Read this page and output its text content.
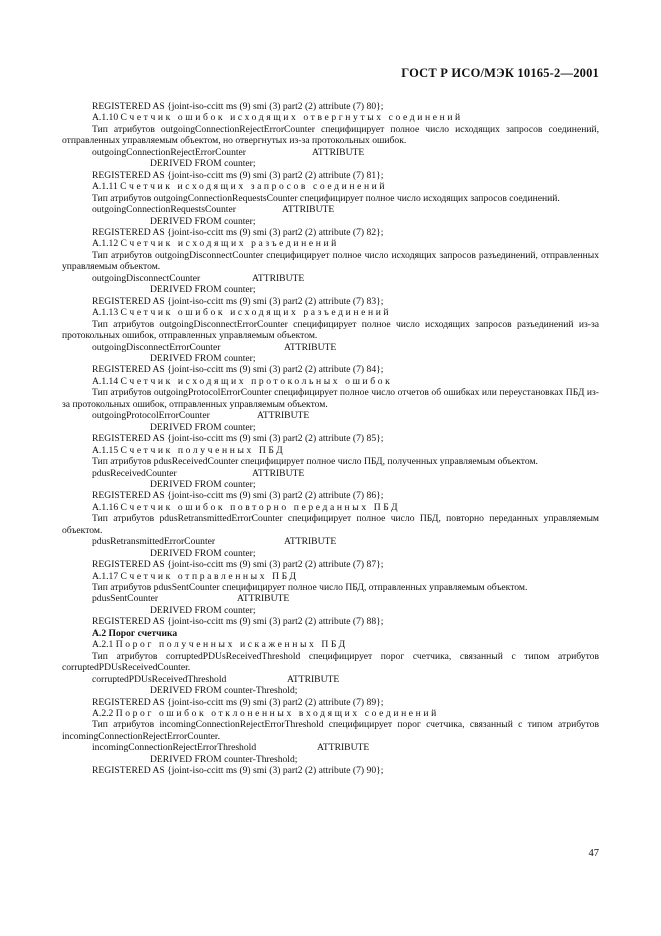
ГОСТ Р ИСО/МЭК 10165-2—2001
REGISTERED AS {joint-iso-ccitt ms (9) smi (3) part2 (2) attribute (7) 80};
А.1.10 Счетчик ошибок исходящих отвергнутых соединений
Тип атрибутов outgoingConnectionRejectErrorCounter специфицирует полное число исходящих запросов соединений, отправленных управляемым объектом, но отвергнутых из-за протокольных ошибок.
outgoingConnectionRejectErrorCounter	ATTRIBUTE
DERIVED FROM counter;
REGISTERED AS {joint-iso-ccitt ms (9) smi (3) part2 (2) attribute (7) 81};
А.1.11 Счетчик исходящих запросов соединений
Тип атрибутов outgoingConnectionRequestsCounter специфицирует полное число исходящих запросов соединений.
outgoingConnectionRequestsCounter	ATTRIBUTE
DERIVED FROM counter;
REGISTERED AS {joint-iso-ccitt ms (9) smi (3) part2 (2) attribute (7) 82};
А.1.12 Счетчик исходящих разъединений
Тип атрибутов outgoingDisconnectCounter специфицирует полное число исходящих запросов разъединений, отправленных управляемым объектом.
outgoingDisconnectCounter	ATTRIBUTE
DERIVED FROM counter;
REGISTERED AS {joint-iso-ccitt ms (9) smi (3) part2 (2) attribute (7) 83};
А.1.13 Счетчик ошибок исходящих разъединений
Тип атрибутов outgoingDisconnectErrorCounter специфицирует полное число исходящих запросов разъединений из-за протокольных ошибок, отправленных управляемым объектом.
outgoingDisconnectErrorCounter	ATTRIBUTE
DERIVED FROM counter;
REGISTERED AS {joint-iso-ccitt ms (9) smi (3) part2 (2) attribute (7) 84};
А.1.14 Счетчик исходящих протокольных ошибок
Тип атрибутов outgoingProtocolErrorCounter специфицирует полное число отчетов об ошибках или переустановках ПБД из-за протокольных ошибок, отправленных управляемым объектом.
outgoingProtocolErrorCounter	ATTRIBUTE
DERIVED FROM counter;
REGISTERED AS {joint-iso-ccitt ms (9) smi (3) part2 (2) attribute (7) 85};
А.1.15 Счетчик полученных ПБД
Тип атрибутов pdusReceivedCounter специфицирует полное число ПБД, полученных управляемым объектом.
pdusReceivedCounter	ATTRIBUTE
DERIVED FROM counter;
REGISTERED AS {joint-iso-ccitt ms (9) smi (3) part2 (2) attribute (7) 86};
А.1.16 Счетчик ошибок повторно переданных ПБД
Тип атрибутов pdusRetransmittedErrorCounter специфицирует полное число ПБД, повторно переданных управляемым объектом.
pdusRetransmittedErrorCounter	ATTRIBUTE
DERIVED FROM counter;
REGISTERED AS {joint-iso-ccitt ms (9) smi (3) part2 (2) attribute (7) 87};
А.1.17 Счетчик отправленных ПБД
Тип атрибутов pdusSentCounter специфицирует полное число ПБД, отправленных управляемым объектом.
pdusSentCounter	ATTRIBUTE
DERIVED FROM counter;
REGISTERED AS {joint-iso-ccitt ms (9) smi (3) part2 (2) attribute (7) 88};
А.2 Порог счетчика
А.2.1 Порог полученных искаженных ПБД
Тип атрибутов corruptedPDUsReceivedThreshold специфицирует порог счетчика, связанный с типом атрибутов corruptedPDUsReceivedCounter.
corruptedPDUsReceivedThreshold	ATTRIBUTE
DERIVED FROM counter-Threshold;
REGISTERED AS {joint-iso-ccitt ms (9) smi (3) part2 (2) attribute (7) 89};
А.2.2 Порог ошибок отклоненных входящих соединений
Тип атрибутов incomingConnectionRejectErrorThreshold специфицирует порог счетчика, связанный с типом атрибутов incomingConnectionRejectErrorCounter.
incomingConnectionRejectErrorThreshold	ATTRIBUTE
DERIVED FROM counter-Threshold;
REGISTERED AS {joint-iso-ccitt ms (9) smi (3) part2 (2) attribute (7) 90};
47
